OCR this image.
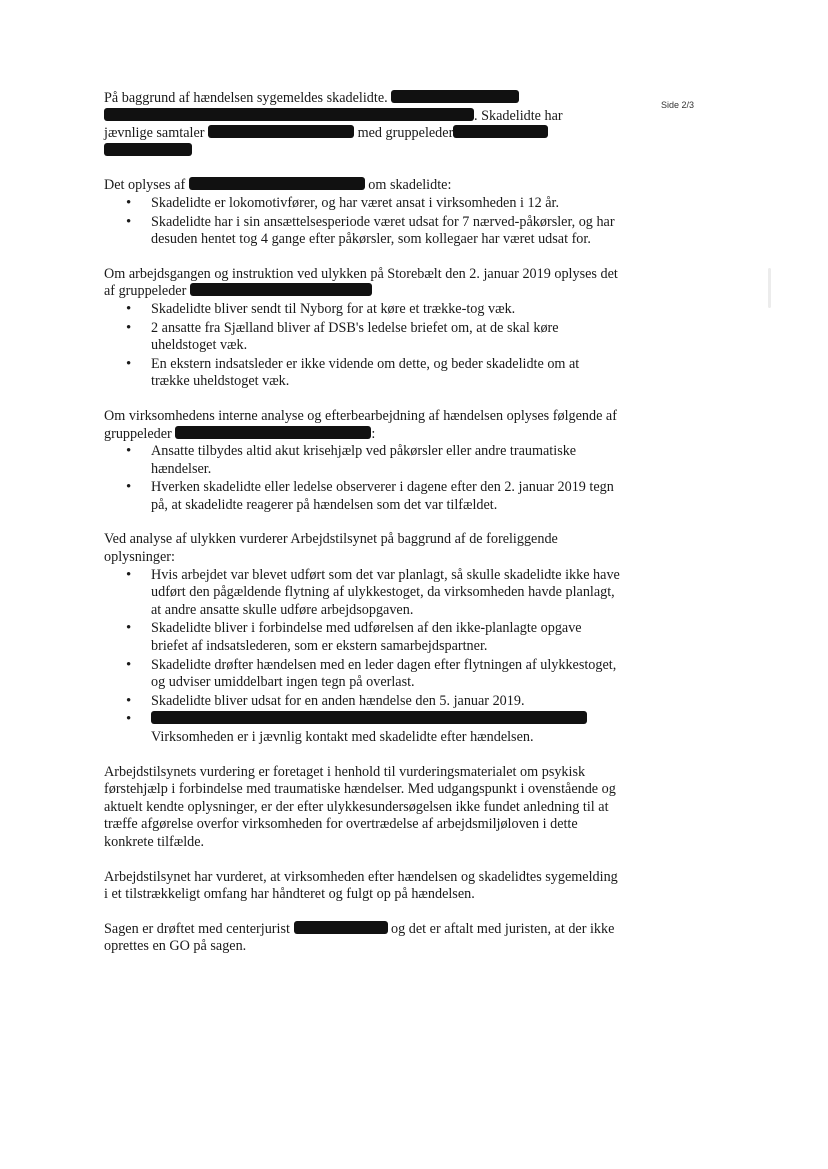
Side 2/3

På baggrund af hændelsen sygemeldes skadelidte.
. Skadelidte har
jævnlige samtaler	med gruppeleder

Det oplyses af	om skadelidte:

• Skadelidte er lokomotivfører, og har været ansat i virksomheden i 12 år.
• Skadelidte har i sin ansættelsesperiode været udsat for 7 nærved-påkørsler, og har desuden hentet tog 4 gange efter påkørsler, som kollegaer har været udsat for.

Om arbejdsgangen og instruktion ved ulykken på Storebælt den 2. januar 2019 oplyses det af gruppeleder

• Skadelidte bliver sendt til Nyborg for at køre et trække-tog væk.
• 2 ansatte fra Sjælland bliver af DSB's ledelse briefet om, at de skal køre uheldstoget væk.
• En ekstern indsatsleder er ikke vidende om dette, og beder skadelidte om at trække uheldstoget væk.

Om virksomhedens interne analyse og efterbearbejdning af hændelsen oplyses følgende af gruppeleder	:

• Ansatte tilbydes altid akut krisehjælp ved påkørsler eller andre traumatiske hændelser.
• Hverken skadelidte eller ledelse observerer i dagene efter den 2. januar 2019 tegn på, at skadelidte reagerer på hændelsen som det var tilfældet.

Ved analyse af ulykken vurderer Arbejdstilsynet på baggrund af de foreliggende oplysninger:

• Hvis arbejdet var blevet udført som det var planlagt, så skulle skadelidte ikke have udført den pågældende flytning af ulykkestoget, da virksomheden havde planlagt, at andre ansatte skulle udføre arbejdsopgaven.
• Skadelidte bliver i forbindelse med udførelsen af den ikke-planlagte opgave briefet af indsatslederen, som er ekstern samarbejdspartner.
• Skadelidte drøfter hændelsen med en leder dagen efter flytningen af ulykkestoget, og udviser umiddelbart ingen tegn på overlast.
• Skadelidte bliver udsat for en anden hændelse den 5. januar 2019.

• Virksomheden er i jævnlig kontakt med skadelidte efter hændelsen.

Arbejdstilsynets vurdering er foretaget i henhold til vurderingsmaterialet om psykisk førstehjælp i forbindelse med traumatiske hændelser. Med udgangspunkt i ovenstående og aktuelt kendte oplysninger, er der efter ulykkesundersøgelsen ikke fundet anledning til at træffe afgørelse overfor virksomheden for overtrædelse af arbejdsmiljøloven i dette konkrete tilfælde.

Arbejdstilsynet har vurderet, at virksomheden efter hændelsen og skadelidtes sygemelding i et tilstrækkeligt omfang har håndteret og fulgt op på hændelsen.

Sagen er drøftet med centerjurist	og det er aftalt med juristen, at der ikke oprettes en GO på sagen.
